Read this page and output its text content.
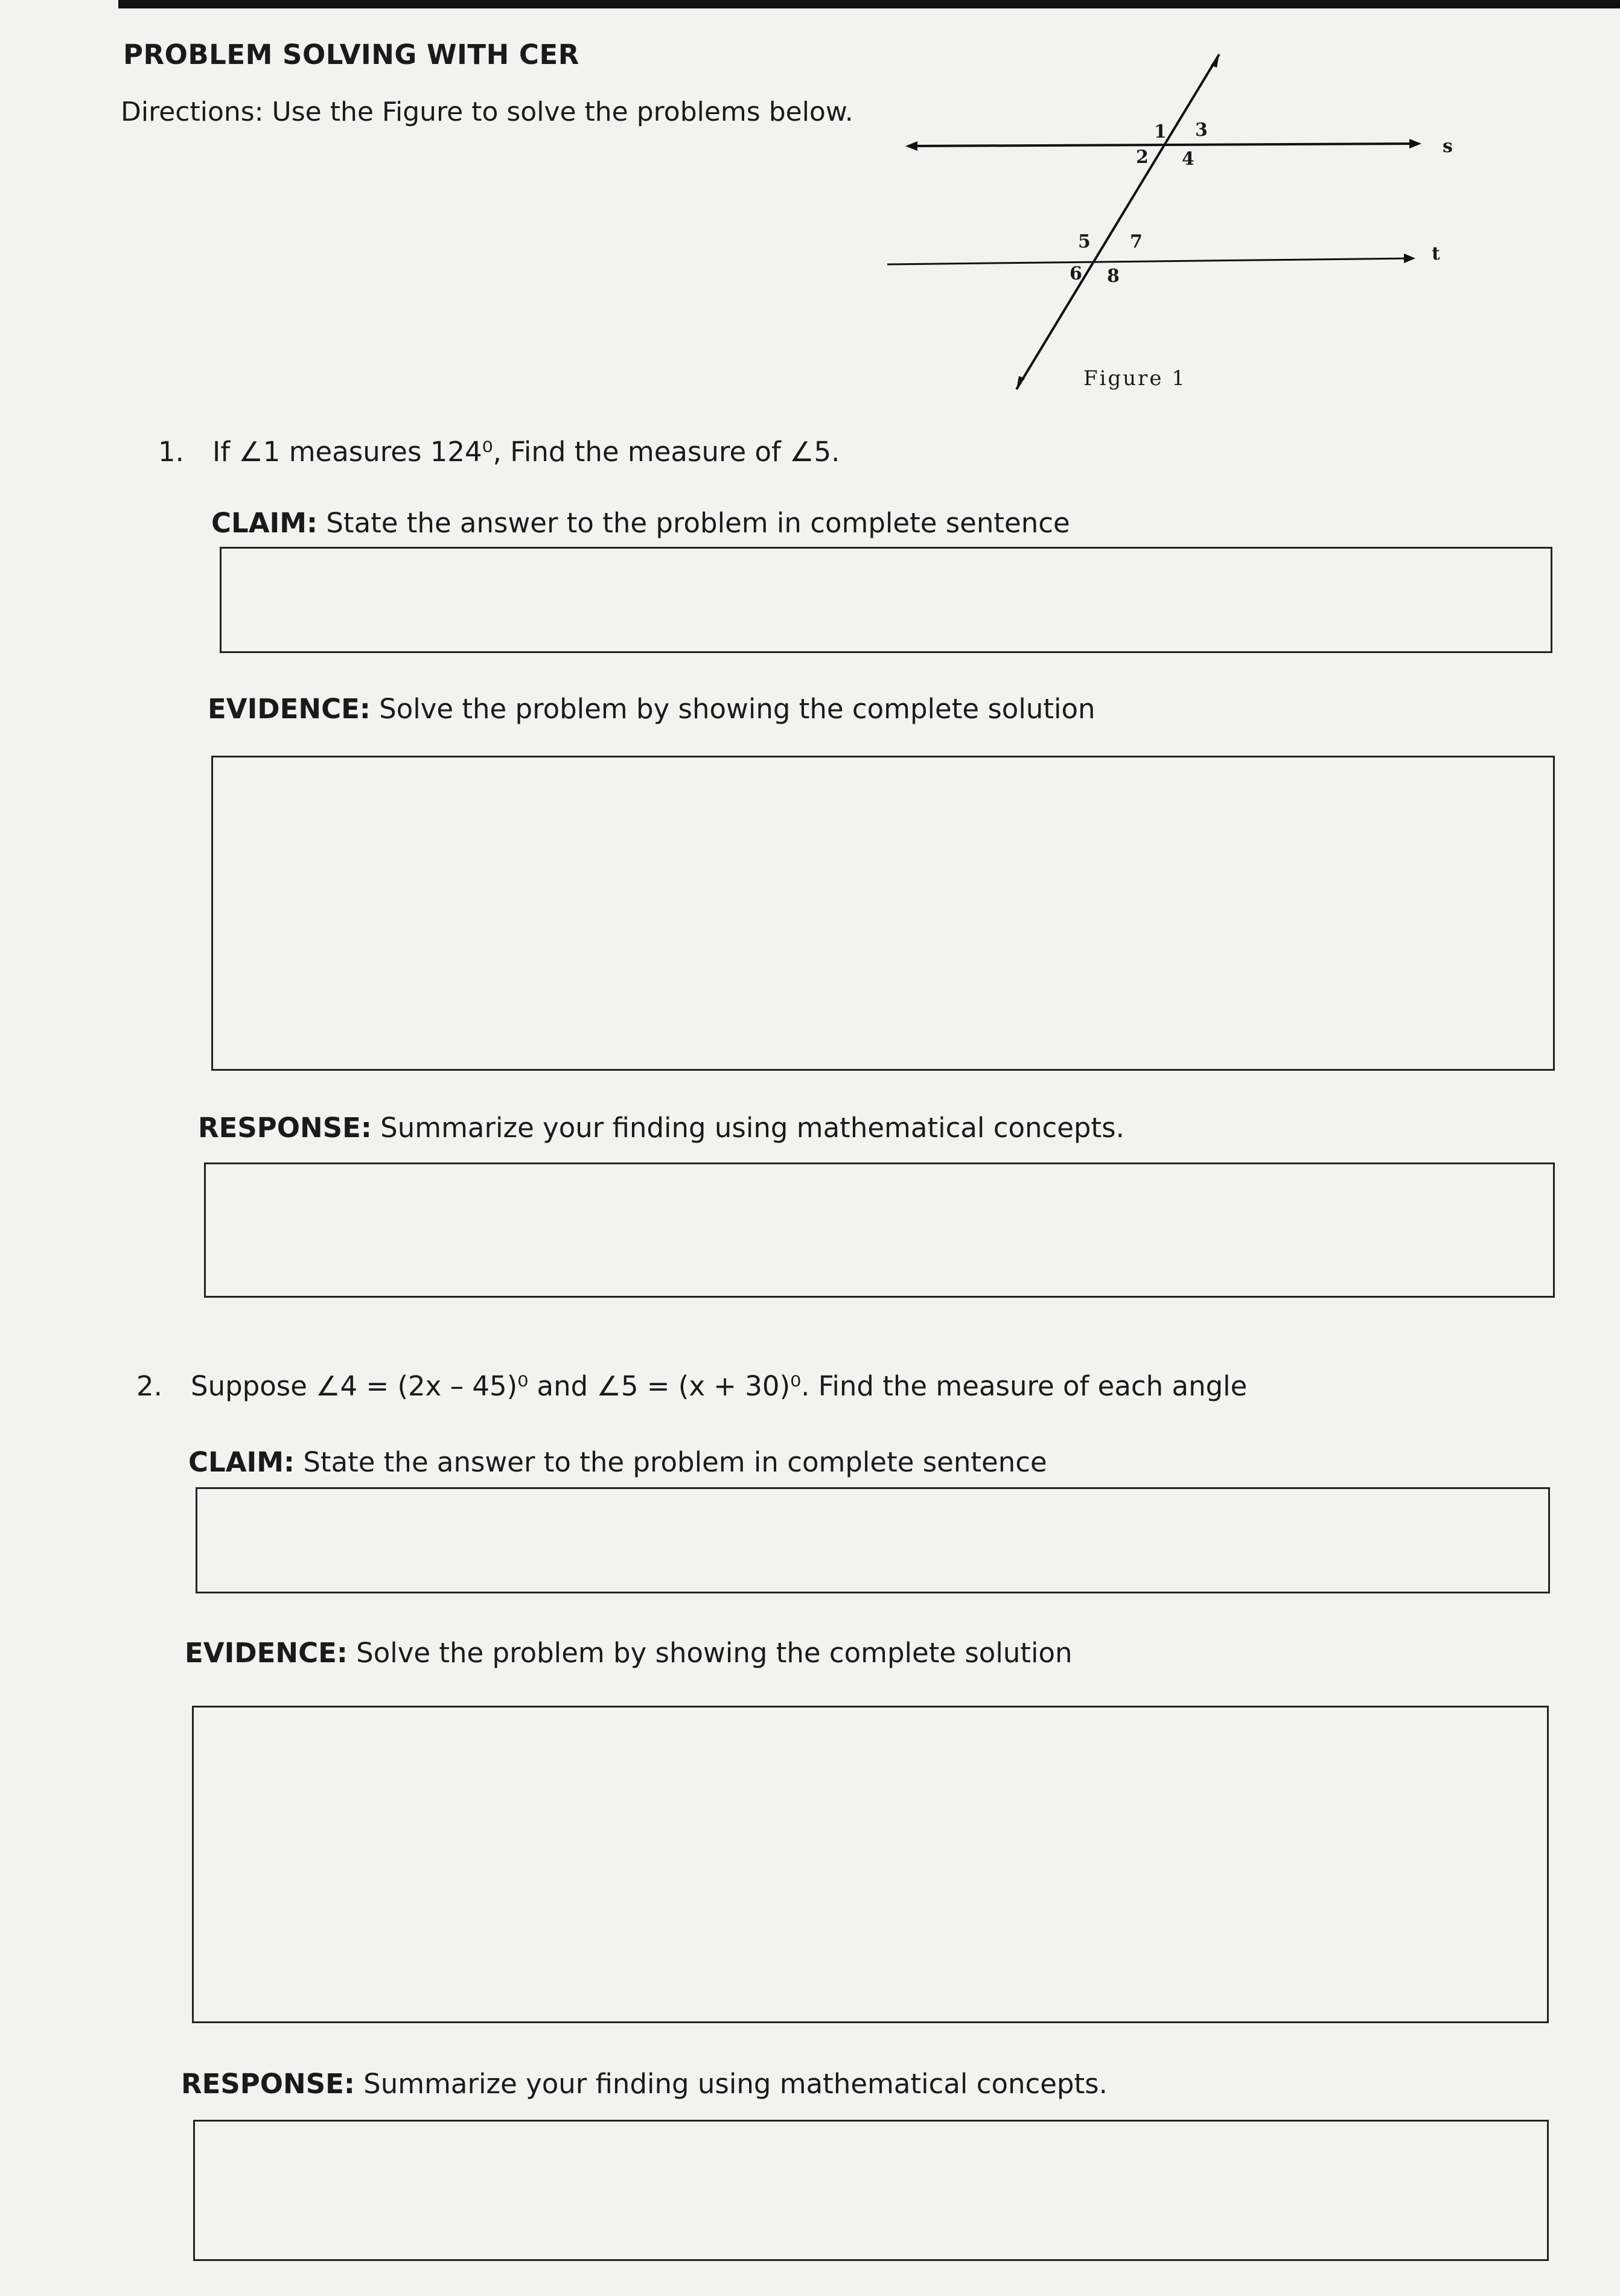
PROBLEM SOLVING WITH CER
Directions: Use the Figure to solve the problems below.
s
t
1
2
3
4
5
6
7
8
Figure 1
1. If ∠1 measures 124⁰, Find the measure of ∠5.
CLAIM: State the answer to the problem in complete sentence
EVIDENCE: Solve the problem by showing the complete solution
RESPONSE: Summarize your finding using mathematical concepts.
2. Suppose ∠4 = (2x – 45)⁰ and ∠5 = (x + 30)⁰. Find the measure of each angle
CLAIM: State the answer to the problem in complete sentence
EVIDENCE: Solve the problem by showing the complete solution
RESPONSE: Summarize your finding using mathematical concepts.
